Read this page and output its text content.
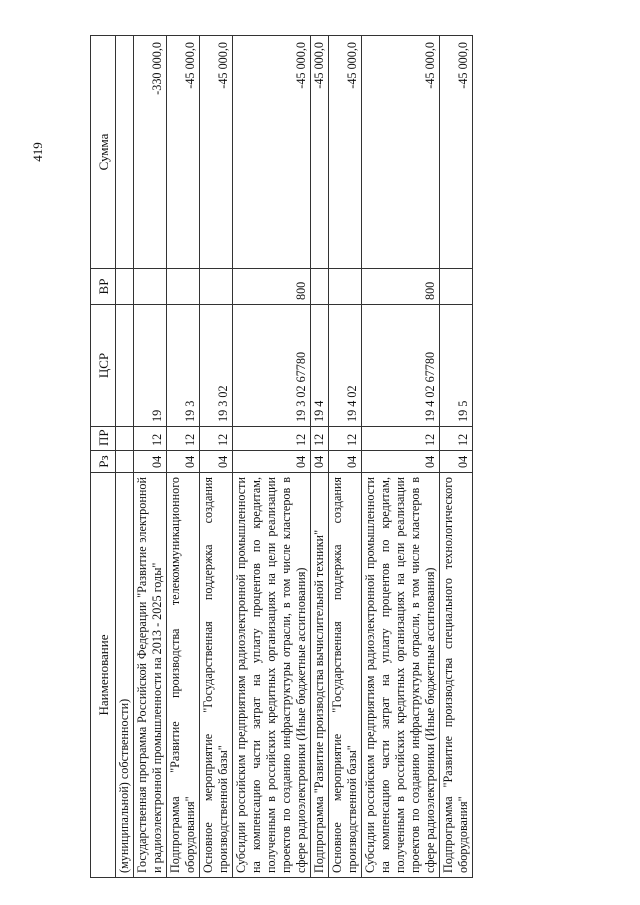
419
Наименование	Рз	ПР	ЦСР	ВР	Сумма
(муниципальной) собственности)					
Государственная программа Российской Федерации "Развитие электронной и радиоэлектронной промышленности на 2013 - 2025 годы"	04	12	19		-330 000,0
Подпрограмма "Развитие производства телекоммуникационного оборудования"	04	12	19 3		-45 000,0
Основное мероприятие "Государственная поддержка создания производственной базы"	04	12	19 3 02		-45 000,0
Субсидии российским предприятиям радиоэлектронной промышленности на компенсацию части затрат на уплату процентов по кредитам, полученным в российских кредитных организациях на цели реализации проектов по созданию инфраструктуры отрасли, в том числе кластеров в сфере радиоэлектроники (Иные бюджетные ассигнования)	04	12	19 3 02 67780	800	-45 000,0
Подпрограмма "Развитие производства вычислительной техники"	04	12	19 4		-45 000,0
Основное мероприятие "Государственная поддержка создания производственной базы"	04	12	19 4 02		-45 000,0
Субсидии российским предприятиям радиоэлектронной промышленности на компенсацию части затрат на уплату процентов по кредитам, полученным в российских кредитных организациях на цели реализации проектов по созданию инфраструктуры отрасли, в том числе кластеров в сфере радиоэлектроники (Иные бюджетные ассигнования)	04	12	19 4 02 67780	800	-45 000,0
Подпрограмма "Развитие производства специального технологического оборудования"	04	12	19 5		-45 000,0
